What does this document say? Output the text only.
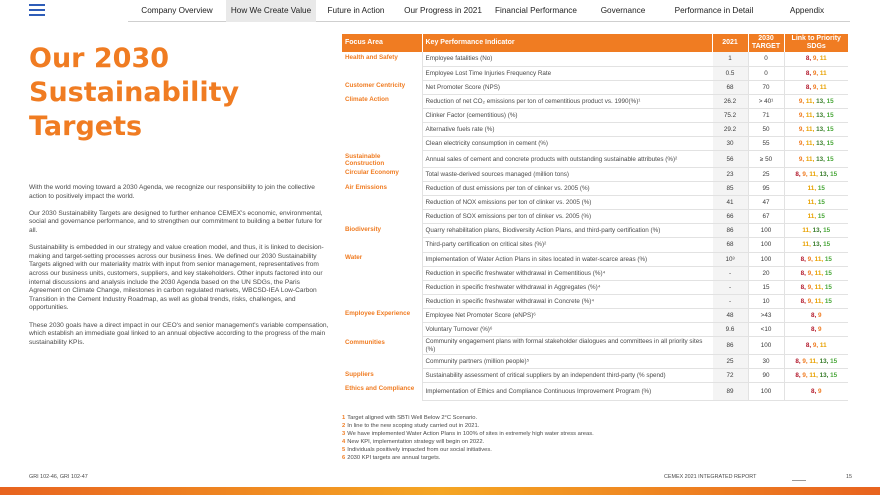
Company Overview	How We Create Value	Future in Action	Our Progress in 2021	Financial Performance	Governance	Performance in Detail	Appendix
Our 2030
Sustainability
Targets

With the world moving toward a 2030 Agenda, we recognize our responsibility to join the collective action to positively impact the world.

Our 2030 Sustainability Targets are designed to further enhance CEMEX's economic, environmental, social and governance performance, and to strengthen our commitment to building a better future for all.

Sustainability is embedded in our strategy and value creation model, and thus, it is linked to decision-making and target-setting processes across our business lines. We defined our 2030 Sustainability Targets aligned with our materiality matrix with input from senior management, representatives from across our business units, customers, suppliers, and key stakeholders. Other inputs factored into our internal discussions and analysis include the 2030 Agenda based on the UN SDGs, the Paris Agreement on Climate Change, milestones in carbon regulated markets, WBCSD-IEA Low-Carbon Transition in the Cement Industry Roadmap, as well as global trends, risks, challenges, and opportunities.

These 2030 goals have a direct impact in our CEO's and senior management's variable compensation, which establish an immediate goal linked to an annual objective according to the progress of the main sustainability KPIs.

Focus Area	Key Performance Indicator	2021	2030 TARGET	Link to Priority SDGs
Health and Safety	Employee fatalities (No)	1	0	8, 9, 11
	Employee Lost Time Injuries Frequency Rate	0.5	0	8, 9, 11
Customer Centricity	Net Promoter Score (NPS)	68	70	8, 9, 11
Climate Action	Reduction of net CO₂ emissions per ton of cementitious product vs. 1990(%)¹	26.2	> 40¹	9, 11, 13, 15
	Clinker Factor (cementitious) (%)	75.2	71	9, 11, 13, 15
	Alternative fuels rate (%)	29.2	50	9, 11, 13, 15
	Clean electricity consumption in cement (%)	30	55	9, 11, 13, 15
Sustainable Construction	Annual sales of cement and concrete products with outstanding sustainable attributes (%)²	56	≥ 50	9, 11, 13, 15
Circular Economy	Total waste-derived sources managed (million tons)	23	25	8, 9, 11, 13, 15
Air Emissions	Reduction of dust emissions per ton of clinker vs. 2005 (%)	85	95	11, 15
	Reduction of NOX emissions per ton of clinker vs. 2005 (%)	41	47	11, 15
	Reduction of SOX emissions per ton of clinker vs. 2005 (%)	66	67	11, 15
Biodiversity	Quarry rehabilitation plans, Biodiversity Action Plans, and third-party certification (%)	86	100	11, 13, 15
	Third-party certification on critical sites (%)²	68	100	11, 13, 15
Water	Implementation of Water Action Plans in sites located in water-scarce areas (%)	10³	100	8, 9, 11, 15
	Reduction in specific freshwater withdrawal in Cementitious (%)⁴	-	20	8, 9, 11, 15
	Reduction in specific freshwater withdrawal in Aggregates (%)⁴	-	15	8, 9, 11, 15
	Reduction in specific freshwater withdrawal in Concrete (%)⁴	-	10	8, 9, 11, 15
Employee Experience	Employee Net Promoter Score (eNPS)⁶	48	>43	8, 9
	Voluntary Turnover (%)⁶	9.6	<10	8, 9
Communities	Community engagement plans with formal stakeholder dialogues and committees in all priority sites (%)	86	100	8, 9, 11
	Community partners (million people)⁵	25	30	8, 9, 11, 13, 15
Suppliers	Sustainability assessment of critical suppliers by an independent third-party (% spend)	72	90	8, 9, 11, 13, 15
Ethics and Compliance	Implementation of Ethics and Compliance Continuous Improvement Program (%)	89	100	8, 9
1 Target aligned with SBTi Well Below 2°C Scenario.
2 In line to the new scoping study carried out in 2021.
3 We have implemented Water Action Plans in 100% of sites in extremely high water stress areas.
4 New KPI, implementation strategy will begin on 2022.
5 Individuals positively impacted from our social initiatives.
6 2030 KPI targets are annual targets.
GRI 102-46, GRI 102-47	CEMEX 2021 INTEGRATED REPORT	15
